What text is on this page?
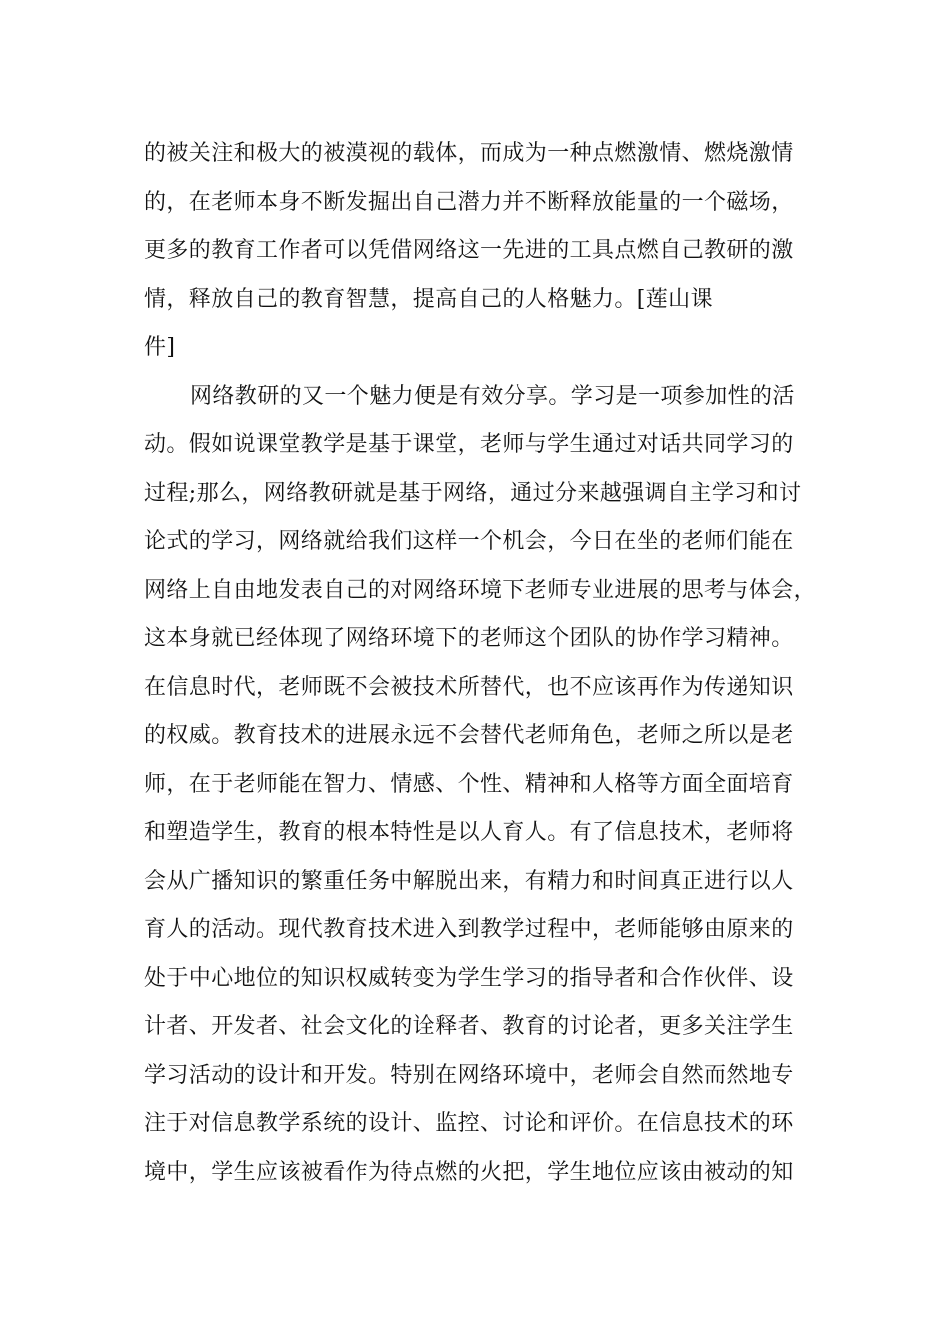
的被关注和极大的被漠视的载体，而成为一种点燃激情、燃烧激情
的，在老师本身不断发掘出自己潜力并不断释放能量的一个磁场，
更多的教育工作者可以凭借网络这一先进的工具点燃自己教研的激
情，释放自己的教育智慧，提高自己的人格魅力。[莲山课
件]
网络教研的又一个魅力便是有效分享。学习是一项参加性的活
动。假如说课堂教学是基于课堂，老师与学生通过对话共同学习的
过程;那么，网络教研就是基于网络，通过分来越强调自主学习和讨
论式的学习，网络就给我们这样一个机会，今日在坐的老师们能在
网络上自由地发表自己的对网络环境下老师专业进展的思考与体会，
这本身就已经体现了网络环境下的老师这个团队的协作学习精神。
在信息时代，老师既不会被技术所替代，也不应该再作为传递知识
的权威。教育技术的进展永远不会替代老师角色，老师之所以是老
师，在于老师能在智力、情感、个性、精神和人格等方面全面培育
和塑造学生，教育的根本特性是以人育人。有了信息技术，老师将
会从广播知识的繁重任务中解脱出来，有精力和时间真正进行以人
育人的活动。现代教育技术进入到教学过程中，老师能够由原来的
处于中心地位的知识权威转变为学生学习的指导者和合作伙伴、设
计者、开发者、社会文化的诠释者、教育的讨论者，更多关注学生
学习活动的设计和开发。特别在网络环境中，老师会自然而然地专
注于对信息教学系统的设计、监控、讨论和评价。在信息技术的环
境中，学生应该被看作为待点燃的火把，学生地位应该由被动的知
